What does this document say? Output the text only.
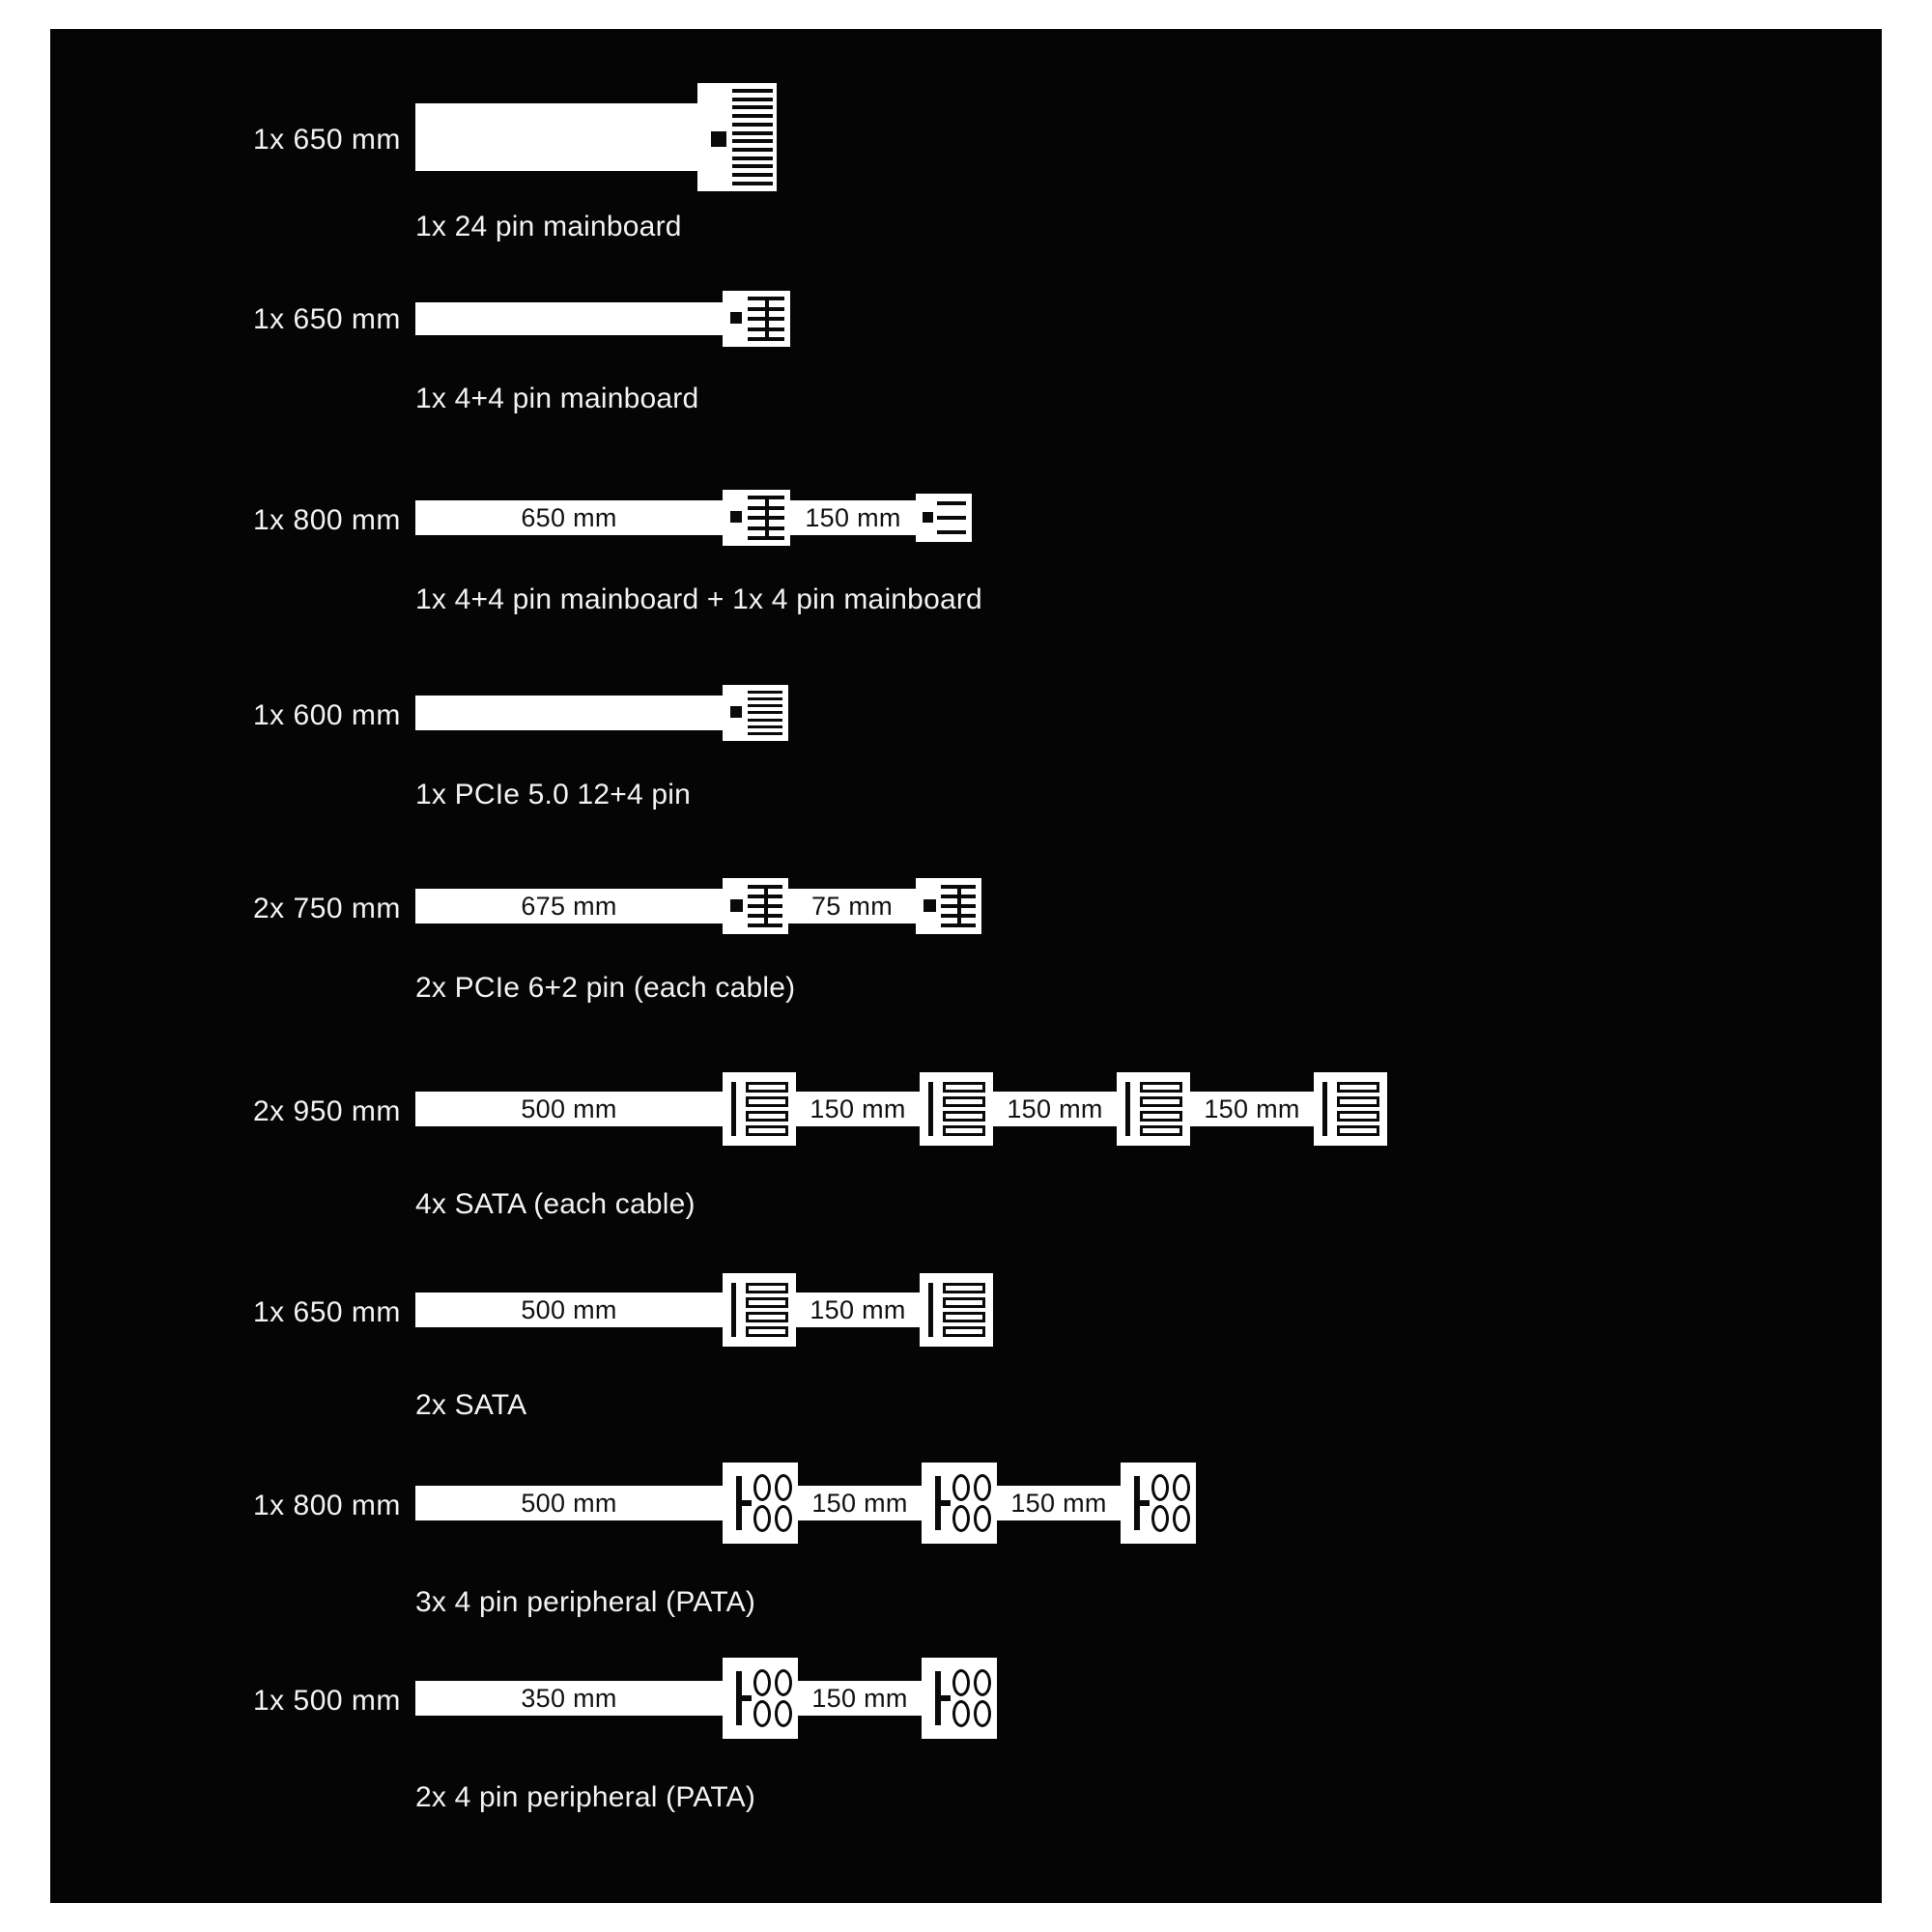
1x 650 mm
1x 24 pin mainboard
1x 650 mm
1x 4+4 pin mainboard
1x 800 mm	650 mm	150 mm
1x 4+4 pin mainboard + 1x 4 pin mainboard
1x 600 mm
1x PCIe 5.0 12+4 pin
2x 750 mm	675 mm	75 mm
2x PCIe 6+2 pin (each cable)
2x 950 mm	500 mm	150 mm	150 mm	150 mm
4x SATA (each cable)
1x 650 mm	500 mm	150 mm
2x SATA
1x 800 mm	500 mm	150 mm	150 mm
3x 4 pin peripheral (PATA)
1x 500 mm	350 mm	150 mm
2x 4 pin peripheral (PATA)
